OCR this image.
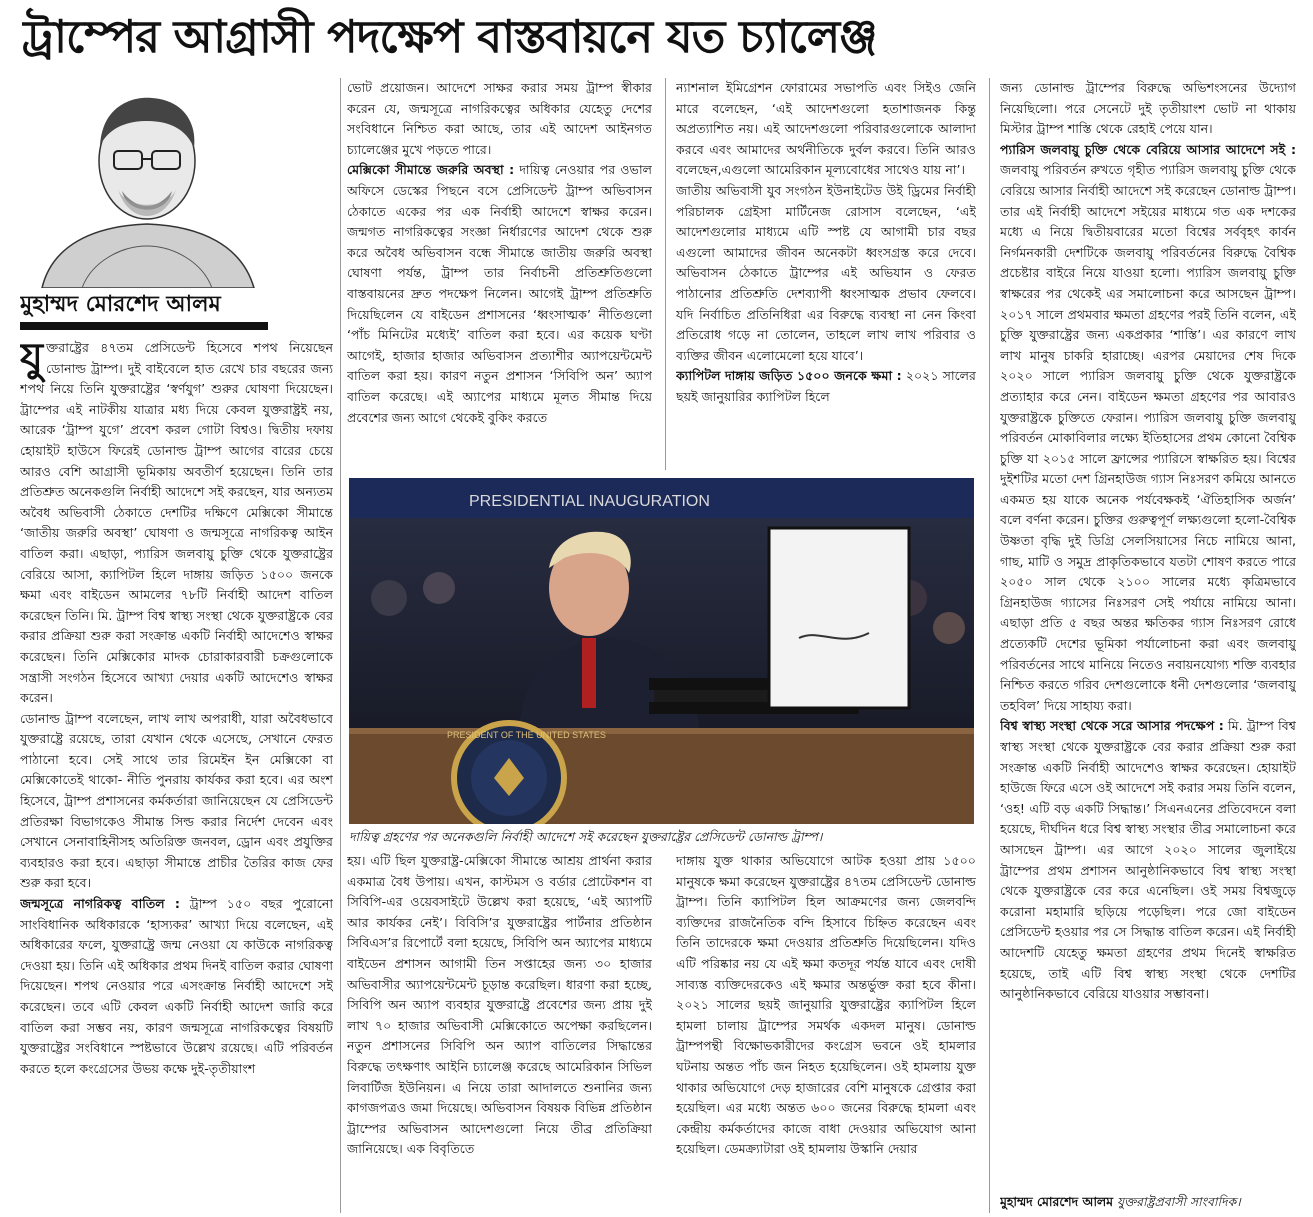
ট্রাম্পের আগ্রাসী পদক্ষেপ বাস্তবায়নে যত চ্যালেঞ্জ
মুহাম্মদ মোরশেদ আলম

যুক্তরাষ্ট্রের ৪৭তম প্রেসিডেন্ট হিসেবে শপথ নিয়েছেন ডোনাল্ড ট্রাম্প। দুই বাইবেলে হাত রেখে চার বছরের জন্য শপথ নিয়ে তিনি যুক্তরাষ্ট্রের ‘স্বর্ণযুগ’ শুরুর ঘোষণা দিয়েছেন। ট্রাম্পের এই নাটকীয় যাত্রার মধ্য দিয়ে কেবল যুক্তরাষ্ট্রই নয়, আরেক ‘ট্রাম্প যুগে’ প্রবেশ করল গোটা বিশ্বও। দ্বিতীয় দফায় হোয়াইট হাউসে ফিরেই ডোনাল্ড ট্রাম্প আগের বারের চেয়ে আরও বেশি আগ্রাসী ভূমিকায় অবতীর্ণ হয়েছেন। তিনি তার প্রতিশ্রুত অনেকগুলি নির্বাহী আদেশে সই করছেন, যার অন্যতম অবৈধ অভিবাসী ঠেকাতে দেশটির দক্ষিণে মেক্সিকো সীমান্তে ‘জাতীয় জরুরি অবস্থা’ ঘোষণা ও জন্মসূত্রে নাগরিকত্ব আইন বাতিল করা। এছাড়া, প্যারিস জলবায়ু চুক্তি থেকে যুক্তরাষ্ট্রের বেরিয়ে আসা, ক্যাপিটল হিলে দাঙ্গায় জড়িত ১৫০০ জনকে ক্ষমা এবং বাইডেন আমলের ৭৮টি নির্বাহী আদেশ বাতিল করেছেন তিনি। মি. ট্রাম্প বিশ্ব স্বাস্থ্য সংস্থা থেকে যুক্তরাষ্ট্রকে বের করার প্রক্রিয়া শুরু করা সংক্রান্ত একটি নির্বাহী আদেশেও স্বাক্ষর করেছেন। তিনি মেক্সিকোর মাদক চোরাকারবারী চক্রগুলোকে সন্ত্রাসী সংগঠন হিসেবে আখ্যা দেয়ার একটি আদেশেও স্বাক্ষর করেন।

ডোনাল্ড ট্রাম্প বলেছেন, লাখ লাখ অপরাধী, যারা অবৈধভাবে যুক্তরাষ্ট্রে রয়েছে, তারা যেখান থেকে এসেছে, সেখানে ফেরত পাঠানো হবে। সেই সাথে তার রিমেইন ইন মেক্সিকো বা মেক্সিকোতেই থাকো- নীতি পুনরায় কার্যকর করা হবে। এর অংশ হিসেবে, ট্রাম্প প্রশাসনের কর্মকর্তারা জানিয়েছেন যে প্রেসিডেন্ট প্রতিরক্ষা বিভাগকেও সীমান্ত সিল্ড করার নির্দেশ দেবেন এবং সেখানে সেনাবাহিনীসহ অতিরিক্ত জনবল, ড্রোন এবং প্রযুক্তির ব্যবহারও করা হবে। এছাড়া সীমান্তে প্রাচীর তৈরির কাজ ফের শুরু করা হবে।

জন্মসূত্রে নাগরিকত্ব বাতিল : ট্রাম্প ১৫০ বছর পুরোনো সাংবিধানিক অধিকারকে ‘হাস্যকর’ আখ্যা দিয়ে বলেছেন, এই অধিকারের ফলে, যুক্তরাষ্ট্রে জন্ম নেওয়া যে কাউকে নাগরিকত্ব দেওয়া হয়। তিনি এই অধিকার প্রথম দিনই বাতিল করার ঘোষণা দিয়েছেন। শপথ নেওয়ার পরে এসংক্রান্ত নির্বাহী আদেশে সই করেছেন। তবে এটি কেবল একটি নির্বাহী আদেশ জারি করে বাতিল করা সম্ভব নয়, কারণ জন্মসূত্রে নাগরিকত্বের বিষয়টি যুক্তরাষ্ট্রের সংবিধানে স্পষ্টভাবে উল্লেখ রয়েছে। এটি পরিবর্তন করতে হলে কংগ্রেসের উভয় কক্ষে দুই-তৃতীয়াংশ

ভোট প্রয়োজন। আদেশে সাক্ষর করার সময় ট্রাম্প স্বীকার করেন যে, জন্মসূত্রে নাগরিকত্বের অধিকার যেহেতু দেশের সংবিধানে নিশ্চিত করা আছে, তার এই আদেশ আইনগত চ্যালেঞ্জের মুখে পড়তে পারে।

মেক্সিকো সীমান্তে জরুরি অবস্থা : দায়িত্ব নেওয়ার পর ওভাল অফিসে ডেস্কের পিছনে বসে প্রেসিডেন্ট ট্রাম্প অভিবাসন ঠেকাতে একের পর এক নির্বাহী আদেশে স্বাক্ষর করেন। জন্মগত নাগরিকত্বের সংজ্ঞা নির্ধারণের আদেশ থেকে শুরু করে অবৈধ অভিবাসন বন্ধে সীমান্তে জাতীয় জরুরি অবস্থা ঘোষণা পর্যন্ত, ট্রাম্প তার নির্বাচনী প্রতিশ্রুতিগুলো বাস্তবায়নের দ্রুত পদক্ষেপ নিলেন। আগেই ট্রাম্প প্রতিশ্রুতি দিয়েছিলেন যে বাইডেন প্রশাসনের ‘ধ্বংসাত্মক’ নীতিগুলো ‘পাঁচ মিনিটের মধ্যেই’ বাতিল করা হবে। এর কয়েক ঘণ্টা আগেই, হাজার হাজার অভিবাসন প্রত্যাশীর অ্যাপয়েন্টমেন্ট বাতিল করা হয়। কারণ নতুন প্রশাসন ‘সিবিপি অন’ অ্যাপ বাতিল করেছে। এই অ্যাপের মাধ্যমে মূলত সীমান্ত দিয়ে প্রবেশের জন্য আগে থেকেই বুকিং করতে

ন্যাশনাল ইমিগ্রেশন ফোরামের সভাপতি এবং সিইও জেনি মারে বলেছেন, ‘এই আদেশগুলো হতাশাজনক কিন্তু অপ্রত্যাশিত নয়। এই আদেশগুলো পরিবারগুলোকে আলাদা করবে এবং আমাদের অর্থনীতিকে দুর্বল করবে। তিনি আরও বলেছেন,এগুলো আমেরিকান মূল্যবোধের সাথেও যায় না’।

জাতীয় অভিবাসী যুব সংগঠন ইউনাইটেড উই ড্রিমের নির্বাহী পরিচালক গ্রেইসা মার্টিনেজ রোসাস বলেছেন, ‘এই আদেশগুলোর মাধ্যমে এটি স্পষ্ট যে আগামী চার বছর এগুলো আমাদের জীবন অনেকটা ধ্বংসগ্রস্ত করে দেবে। অভিবাসন ঠেকাতে ট্রাম্পের এই অভিযান ও ফেরত পাঠানোর প্রতিশ্রুতি দেশব্যাপী ধ্বংসাত্মক প্রভাব ফেলবে। যদি নির্বাচিত প্রতিনিধিরা এর বিরুদ্ধে ব্যবস্থা না নেন কিংবা প্রতিরোধ গড়ে না তোলেন, তাহলে লাখ লাখ পরিবার ও ব্যক্তির জীবন এলোমেলো হয়ে যাবে’।

ক্যাপিটল দাঙ্গায় জড়িত ১৫০০ জনকে ক্ষমা : ২০২১ সালের ছয়ই জানুয়ারির ক্যাপিটল হিলে

জন্য ডোনাল্ড ট্রাম্পের বিরুদ্ধে অভিশংসনের উদ্যোগ নিয়েছিলো। পরে সেনেটে দুই তৃতীয়াংশ ভোট না থাকায় মিস্টার ট্রাম্প শাস্তি থেকে রেহাই পেয়ে যান।

প্যারিস জলবায়ু চুক্তি থেকে বেরিয়ে আসার আদেশে সই : জলবায়ু পরিবর্তন রুখতে গৃহীত প্যারিস জলবায়ু চুক্তি থেকে বেরিয়ে আসার নির্বাহী আদেশে সই করেছেন ডোনাল্ড ট্রাম্প। তার এই নির্বাহী আদেশে সইয়ের মাধ্যমে গত এক দশকের মধ্যে এ নিয়ে দ্বিতীয়বারের মতো বিশ্বের সর্ববৃহৎ কার্বন নির্গমনকারী দেশটিকে জলবায়ু পরিবর্তনের বিরুদ্ধে বৈশ্বিক প্রচেষ্টার বাইরে নিয়ে যাওয়া হলো। প্যারিস জলবায়ু চুক্তি স্বাক্ষরের পর থেকেই এর সমালোচনা করে আসছেন ট্রাম্প। ২০১৭ সালে প্রথমবার ক্ষমতা গ্রহণের পরই তিনি বলেন, এই চুক্তি যুক্তরাষ্ট্রের জন্য একপ্রকার ‘শাস্তি’। এর কারণে লাখ লাখ মানুষ চাকরি হারাচ্ছে। এরপর মেয়াদের শেষ দিকে ২০২০ সালে প্যারিস জলবায়ু চুক্তি থেকে যুক্তরাষ্ট্রকে প্রত্যাহার করে নেন। বাইডেন ক্ষমতা গ্রহণের পর আবারও যুক্তরাষ্ট্রকে চুক্তিতে ফেরান। প্যারিস জলবায়ু চুক্তি জলবায়ু পরিবর্তন মোকাবিলার লক্ষ্যে ইতিহাসের প্রথম কোনো বৈশ্বিক চুক্তি যা ২০১৫ সালে ফ্রান্সের প্যারিসে স্বাক্ষরিত হয়। বিশ্বের দুইশটির মতো দেশ গ্রিনহাউজ গ্যাস নিঃসরণ কমিয়ে আনতে একমত হয় যাকে অনেক পর্যবেক্ষকই ‘ঐতিহাসিক অর্জন’ বলে বর্ণনা করেন। চুক্তির গুরুত্বপূর্ণ লক্ষ্যগুলো হলো-বৈশ্বিক উষ্ণতা বৃদ্ধি দুই ডিগ্রি সেলসিয়াসের নিচে নামিয়ে আনা, গাছ, মাটি ও সমুদ্র প্রাকৃতিকভাবে যতটা শোষণ করতে পারে ২০৫০ সাল থেকে ২১০০ সালের মধ্যে কৃত্রিমভাবে গ্রিনহাউজ গ্যাসের নিঃসরণ সেই পর্যায়ে নামিয়ে আনা। এছাড়া প্রতি ৫ বছর অন্তর ক্ষতিকর গ্যাস নিঃসরণ রোধে প্রত্যেকটি দেশের ভূমিকা পর্যালোচনা করা এবং জলবায়ু পরিবর্তনের সাথে মানিয়ে নিতেও নবায়নযোগ্য শক্তি ব্যবহার নিশ্চিত করতে গরিব দেশগুলোকে ধনী দেশগুলোর ‘জলবায়ু তহবিল’ দিয়ে সাহায্য করা।

বিশ্ব স্বাস্থ্য সংস্থা থেকে সরে আসার পদক্ষেপ : মি. ট্রাম্প বিশ্ব স্বাস্থ্য সংস্থা থেকে যুক্তরাষ্ট্রকে বের করার প্রক্রিয়া শুরু করা সংক্রান্ত একটি নির্বাহী আদেশেও স্বাক্ষর করেছেন। হোয়াইট হাউজে ফিরে এসে ওই আদেশে সই করার সময় তিনি বলেন, ‘ওহ! এটি বড় একটি সিদ্ধান্ত।’ সিএনএনের প্রতিবেদনে বলা হয়েছে, দীর্ঘদিন ধরে বিশ্ব স্বাস্থ্য সংস্থার তীব্র সমালোচনা করে আসছেন ট্রাম্প। এর আগে ২০২০ সালের জুলাইয়ে ট্রাম্পের প্রথম প্রশাসন আনুষ্ঠানিকভাবে বিশ্ব স্বাস্থ্য সংস্থা থেকে যুক্তরাষ্ট্রকে বের করে এনেছিল। ওই সময় বিশ্বজুড়ে করোনা মহামারি ছড়িয়ে পড়েছিল। পরে জো বাইডেন প্রেসিডেন্ট হওয়ার পর সে সিদ্ধান্ত বাতিল করেন। এই নির্বাহী আদেশটি যেহেতু ক্ষমতা গ্রহণের প্রথম দিনেই স্বাক্ষরিত হয়েছে, তাই এটি বিশ্ব স্বাস্থ্য সংস্থা থেকে দেশটির আনুষ্ঠানিকভাবে বেরিয়ে যাওয়ার সম্ভাবনা।

PRESIDENTIAL INAUGURATION
PRESIDENT OF THE UNITED STATES
দায়িত্ব গ্রহণের পর অনেকগুলি নির্বাহী আদেশে সই করেছেন যুক্তরাষ্ট্রের প্রেসিডেন্ট ডোনাল্ড ট্রাম্প।

হয়। এটি ছিল যুক্তরাষ্ট্র-মেক্সিকো সীমান্তে আশ্রয় প্রার্থনা করার একমাত্র বৈধ উপায়। এখন, কাস্টমস ও বর্ডার প্রোটেকশন বা সিবিপি-এর ওয়েবসাইটে উল্লেখ করা হয়েছে, ‘এই অ্যাপটি আর কার্যকর নেই’। বিবিসি’র যুক্তরাষ্ট্রের পার্টনার প্রতিষ্ঠান সিবিএস’র রিপোর্টে বলা হয়েছে, সিবিপি অন অ্যাপের মাধ্যমে বাইডেন প্রশাসন আগামী তিন সপ্তাহের জন্য ৩০ হাজার অভিবাসীর অ্যাপয়েন্টমেন্ট চূড়ান্ত করেছিল। ধারণা করা হচ্ছে, সিবিপি অন অ্যাপ ব্যবহার যুক্তরাষ্ট্রে প্রবেশের জন্য প্রায় দুই লাখ ৭০ হাজার অভিবাসী মেক্সিকোতে অপেক্ষা করছিলেন। নতুন প্রশাসনের সিবিপি অন অ্যাপ বাতিলের সিদ্ধান্তের বিরুদ্ধে তৎক্ষণাৎ আইনি চ্যালেঞ্জ করেছে আমেরিকান সিভিল লিবার্টিজ ইউনিয়ন। এ নিয়ে তারা আদালতে শুনানির জন্য কাগজপত্রও জমা দিয়েছে। অভিবাসন বিষয়ক বিভিন্ন প্রতিষ্ঠান ট্রাম্পের অভিবাসন আদেশগুলো নিয়ে তীব্র প্রতিক্রিয়া জানিয়েছে। এক বিবৃতিতে

দাঙ্গায় যুক্ত থাকার অভিযোগে আটক হওয়া প্রায় ১৫০০ মানুষকে ক্ষমা করেছেন যুক্তরাষ্ট্রের ৪৭তম প্রেসিডেন্ট ডোনাল্ড ট্রাম্প। তিনি ক্যাপিটল হিল আক্রমণের জন্য জেলবন্দি ব্যক্তিদের রাজনৈতিক বন্দি হিসাবে চিহ্নিত করেছেন এবং তিনি তাদেরকে ক্ষমা দেওয়ার প্রতিশ্রুতি দিয়েছিলেন। যদিও এটি পরিষ্কার নয় যে এই ক্ষমা কতদূর পর্যন্ত যাবে এবং দোষী সাব্যস্ত ব্যক্তিদেরকেও এই ক্ষমার অন্তর্ভুক্ত করা হবে কীনা। ২০২১ সালের ছয়ই জানুয়ারি যুক্তরাষ্ট্রের ক্যাপিটল হিলে হামলা চালায় ট্রাম্পের সমর্থক একদল মানুষ। ডোনাল্ড ট্রাম্পপন্থী বিক্ষোভকারীদের কংগ্রেস ভবনে ওই হামলার ঘটনায় অন্তত পাঁচ জন নিহত হয়েছিলেন। ওই হামলায় যুক্ত থাকার অভিযোগে দেড় হাজারের বেশি মানুষকে গ্রেপ্তার করা হয়েছিল। এর মধ্যে অন্তত ৬০০ জনের বিরুদ্ধে হামলা এবং কেন্দ্রীয় কর্মকর্তাদের কাজে বাধা দেওয়ার অভিযোগ আনা হয়েছিল। ডেমক্র্যাটারা ওই হামলায় উস্কানি দেয়ার

মুহাম্মদ মোরশেদ আলম যুক্তরাষ্ট্রপ্রবাসী সাংবাদিক।
